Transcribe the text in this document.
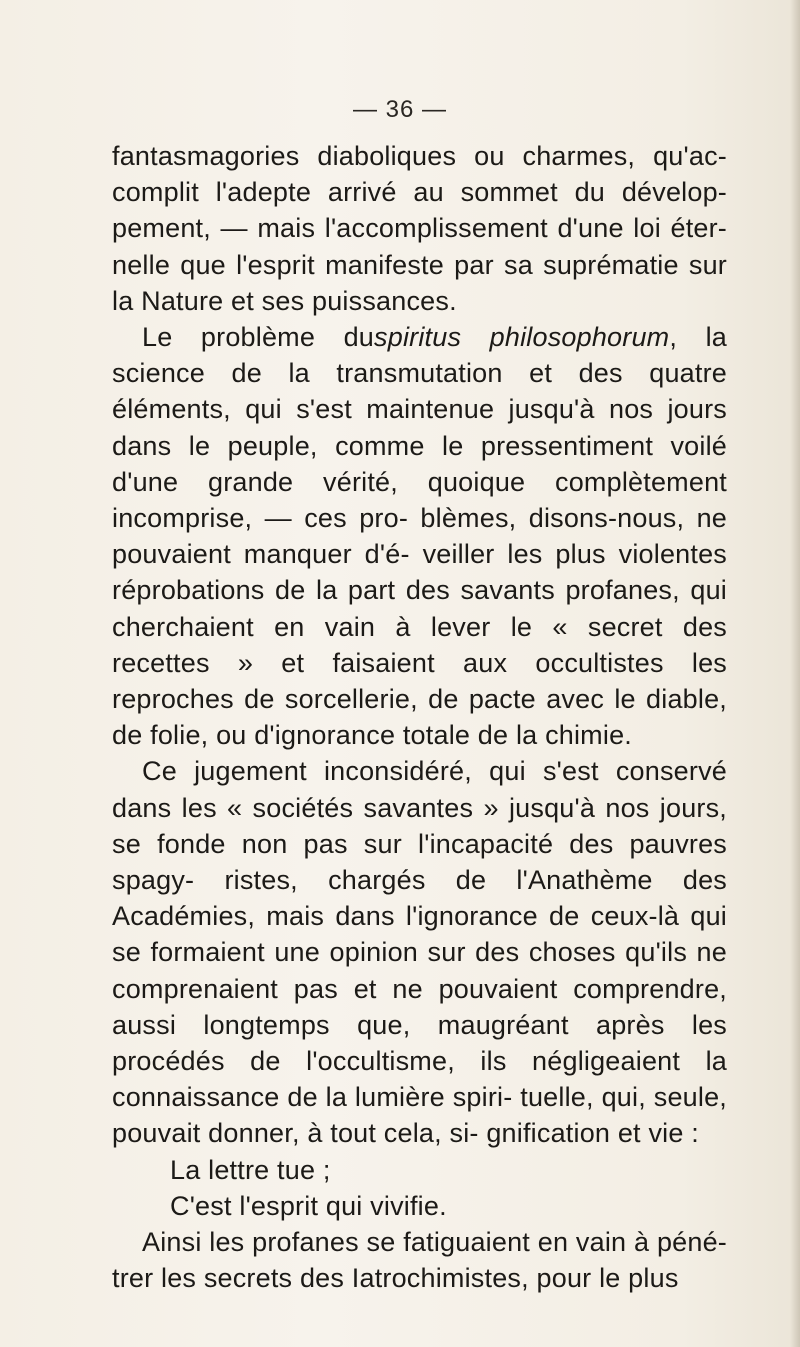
— 36 —

fantasmagories diaboliques ou charmes, qu'ac- complit l'adepte arrivé au sommet du dévelop- pement, — mais l'accomplissement d'une loi éter- nelle que l'esprit manifeste par sa suprématie sur la Nature et ses puissances.

Le problème duspiritus philosophorum, la science de la transmutation et des quatre éléments, qui s'est maintenue jusqu'à nos jours dans le peuple, comme le pressentiment voilé d'une grande vérité, quoique complètement incomprise, — ces pro- blèmes, disons-nous, ne pouvaient manquer d'é- veiller les plus violentes réprobations de la part des savants profanes, qui cherchaient en vain à lever le « secret des recettes » et faisaient aux occultistes les reproches de sorcellerie, de pacte avec le diable, de folie, ou d'ignorance totale de la chimie.

Ce jugement inconsidéré, qui s'est conservé dans les « sociétés savantes » jusqu'à nos jours, se fonde non pas sur l'incapacité des pauvres spagy- ristes, chargés de l'Anathème des Académies, mais dans l'ignorance de ceux-là qui se formaient une opinion sur des choses qu'ils ne comprenaient pas et ne pouvaient comprendre, aussi longtemps que, maugréant après les procédés de l'occultisme, ils négligeaient la connaissance de la lumière spiri- tuelle, qui, seule, pouvait donner, à tout cela, si- gnification et vie :

La lettre tue ;

C'est l'esprit qui vivifie.

Ainsi les profanes se fatiguaient en vain à péné- trer les secrets des Iatrochimistes, pour le plus
